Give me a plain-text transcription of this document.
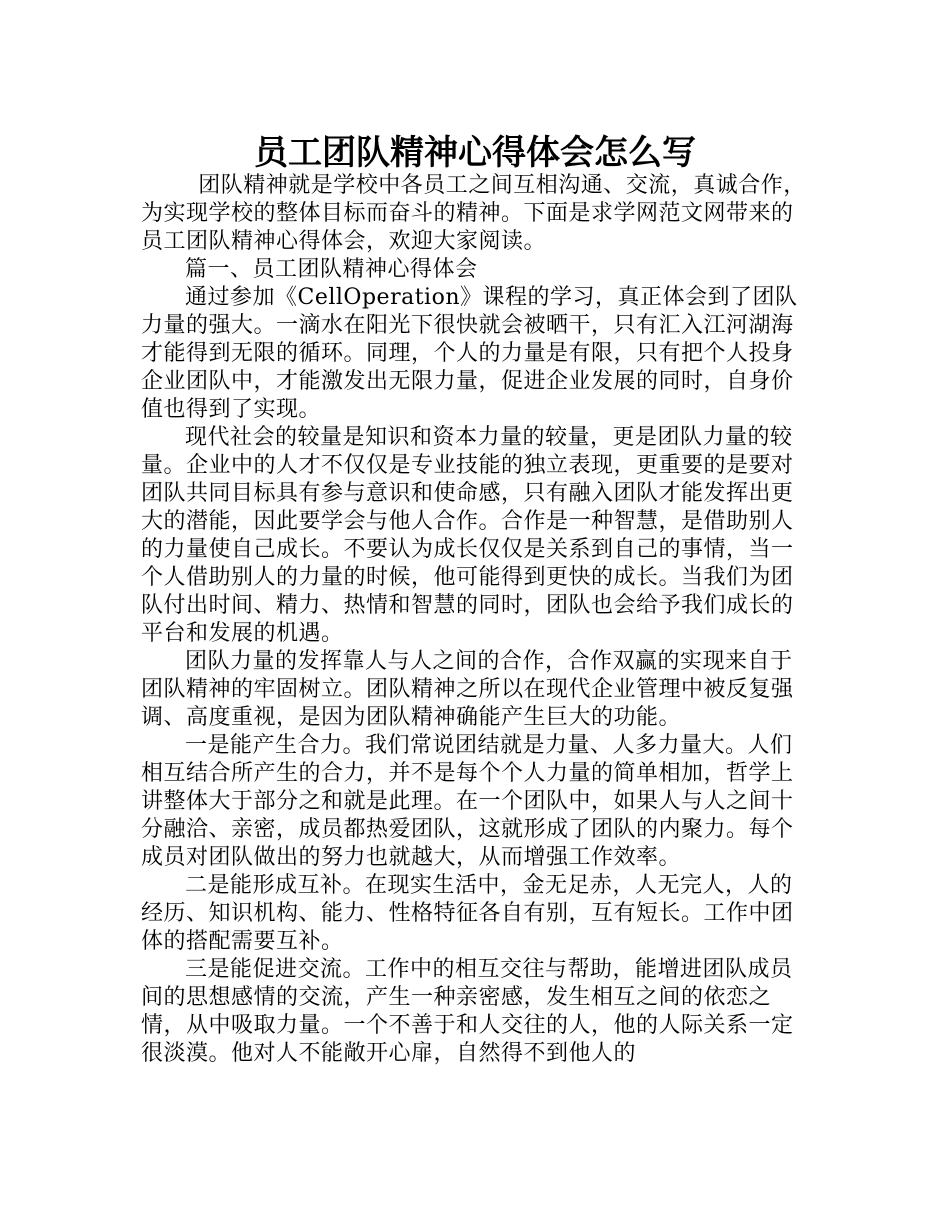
员工团队精神心得体会怎么写

团队精神就是学校中各员工之间互相沟通、交流，真诚合作，为实现学校的整体目标而奋斗的精神。下面是求学网范文网带来的员工团队精神心得体会，欢迎大家阅读。

篇一、员工团队精神心得体会

通过参加《CellOperation》课程的学习，真正体会到了团队力量的强大。一滴水在阳光下很快就会被晒干，只有汇入江河湖海才能得到无限的循环。同理，个人的力量是有限，只有把个人投身企业团队中，才能激发出无限力量，促进企业发展的同时，自身价值也得到了实现。

现代社会的较量是知识和资本力量的较量，更是团队力量的较量。企业中的人才不仅仅是专业技能的独立表现，更重要的是要对团队共同目标具有参与意识和使命感，只有融入团队才能发挥出更大的潜能，因此要学会与他人合作。合作是一种智慧，是借助别人的力量使自己成长。不要认为成长仅仅是关系到自己的事情，当一个人借助别人的力量的时候，他可能得到更快的成长。当我们为团队付出时间、精力、热情和智慧的同时，团队也会给予我们成长的平台和发展的机遇。

团队力量的发挥靠人与人之间的合作，合作双赢的实现来自于团队精神的牢固树立。团队精神之所以在现代企业管理中被反复强调、高度重视，是因为团队精神确能产生巨大的功能。

一是能产生合力。我们常说团结就是力量、人多力量大。人们相互结合所产生的合力，并不是每个个人力量的简单相加，哲学上讲整体大于部分之和就是此理。在一个团队中，如果人与人之间十分融洽、亲密，成员都热爱团队，这就形成了团队的内聚力。每个成员对团队做出的努力也就越大，从而增强工作效率。

二是能形成互补。在现实生活中，金无足赤，人无完人，人的经历、知识机构、能力、性格特征各自有别，互有短长。工作中团体的搭配需要互补。

三是能促进交流。工作中的相互交往与帮助，能增进团队成员间的思想感情的交流，产生一种亲密感，发生相互之间的依恋之情，从中吸取力量。一个不善于和人交往的人，他的人际关系一定很淡漠。他对人不能敞开心扉，自然得不到他人的
